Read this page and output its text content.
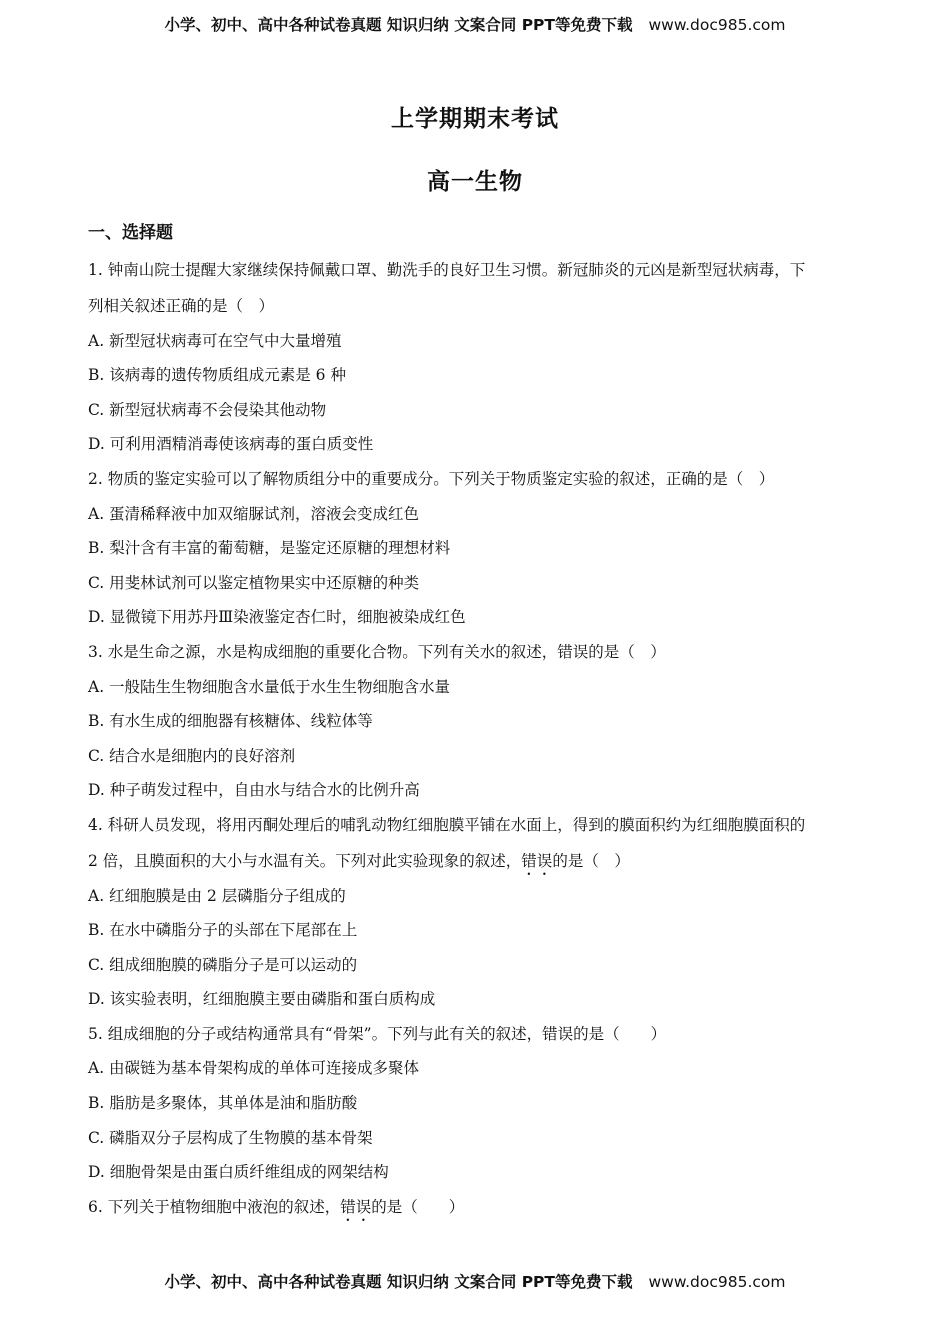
小学、初中、高中各种试卷真题 知识归纳 文案合同 PPT等免费下载 www.doc985.com
上学期期末考试
高一生物
一、选择题
1. 钟南山院士提醒大家继续保持佩戴口罩、勤洗手的良好卫生习惯。新冠肺炎的元凶是新型冠状病毒，下
列相关叙述正确的是（　）
A. 新型冠状病毒可在空气中大量增殖
B. 该病毒的遗传物质组成元素是 6 种
C. 新型冠状病毒不会侵染其他动物
D. 可利用酒精消毒使该病毒的蛋白质变性
2. 物质的鉴定实验可以了解物质组分中的重要成分。下列关于物质鉴定实验的叙述，正确的是（　）
A. 蛋清稀释液中加双缩脲试剂，溶液会变成红色
B. 梨汁含有丰富的葡萄糖，是鉴定还原糖的理想材料
C. 用斐林试剂可以鉴定植物果实中还原糖的种类
D. 显微镜下用苏丹Ⅲ染液鉴定杏仁时，细胞被染成红色
3. 水是生命之源，水是构成细胞的重要化合物。下列有关水的叙述，错误的是（　）
A. 一般陆生生物细胞含水量低于水生生物细胞含水量
B. 有水生成的细胞器有核糖体、线粒体等
C. 结合水是细胞内的良好溶剂
D. 种子萌发过程中，自由水与结合水的比例升高
4. 科研人员发现，将用丙酮处理后的哺乳动物红细胞膜平铺在水面上，得到的膜面积约为红细胞膜面积的
2 倍，且膜面积的大小与水温有关。下列对此实验现象的叙述，错误的是（　）
A. 红细胞膜是由 2 层磷脂分子组成的
B. 在水中磷脂分子的头部在下尾部在上
C. 组成细胞膜的磷脂分子是可以运动的
D. 该实验表明，红细胞膜主要由磷脂和蛋白质构成
5. 组成细胞的分子或结构通常具有“骨架”。下列与此有关的叙述，错误的是（　　）
A. 由碳链为基本骨架构成的单体可连接成多聚体
B. 脂肪是多聚体，其单体是油和脂肪酸
C. 磷脂双分子层构成了生物膜的基本骨架
D. 细胞骨架是由蛋白质纤维组成的网架结构
6. 下列关于植物细胞中液泡的叙述，错误的是（　　）
小学、初中、高中各种试卷真题 知识归纳 文案合同 PPT等免费下载 www.doc985.com
